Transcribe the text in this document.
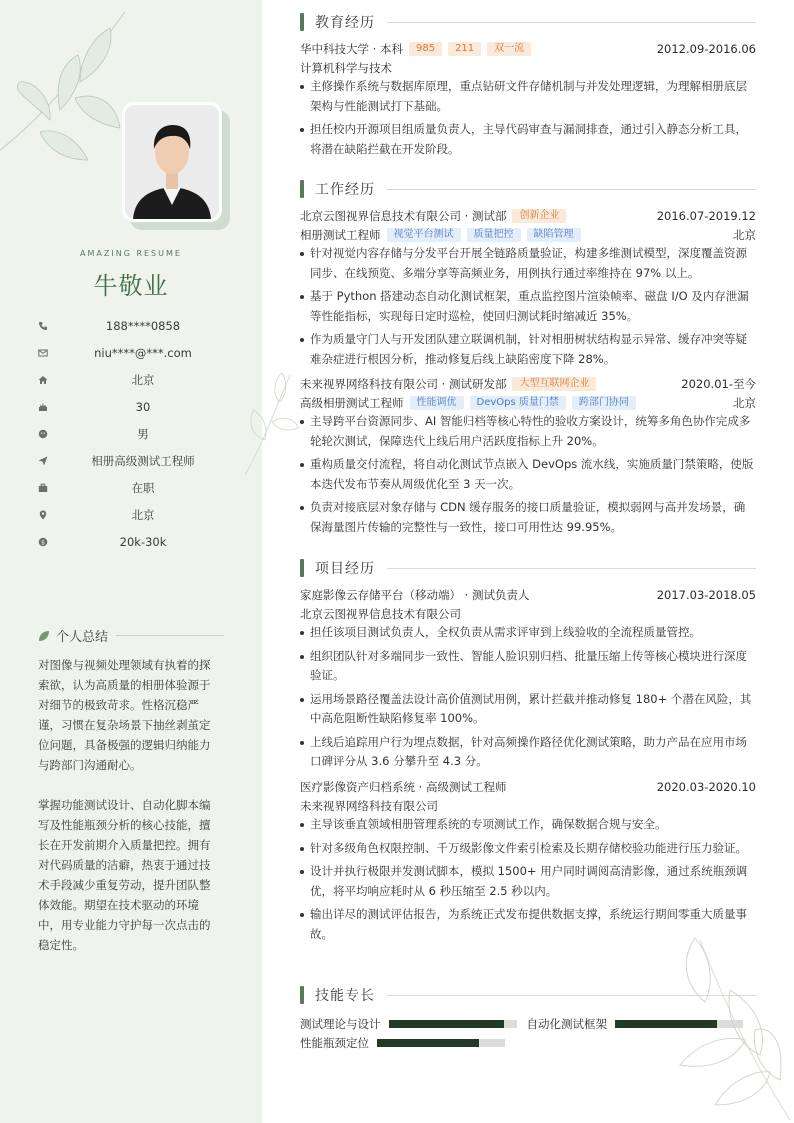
AMAZING RESUME
牛敬业
188****0858
niu****@***.com
北京
30
男
相册高级测试工程师
在职
北京
$	20k-30k
个人总结

对图像与视频处理领域有执着的探索欲，认为高质量的相册体验源于对细节的极致苛求。性格沉稳严谨，习惯在复杂场景下抽丝剥茧定位问题，具备极强的逻辑归纳能力与跨部门沟通耐心。

掌握功能测试设计、自动化脚本编写及性能瓶颈分析的核心技能，擅长在开发前期介入质量把控。拥有对代码质量的洁癖，热衷于通过技术手段减少重复劳动，提升团队整体效能。期望在技术驱动的环境中，用专业能力守护每一次点击的稳定性。

教育经历
华中科技大学 · 本科	985	211	双一流	2012.09-2016.06
计算机科学与技术
主修操作系统与数据库原理，重点钻研文件存储机制与并发处理逻辑，为理解相册底层架构与性能测试打下基础。
担任校内开源项目组质量负责人，主导代码审查与漏洞排查，通过引入静态分析工具，将潜在缺陷拦截在开发阶段。
工作经历
北京云图视界信息技术有限公司 · 测试部	创新企业	2016.07-2019.12
相册测试工程师	视觉平台测试	质量把控	缺陷管理	北京
针对视觉内容存储与分发平台开展全链路质量验证，构建多维测试模型，深度覆盖资源同步、在线预览、多端分享等高频业务，用例执行通过率维持在 97% 以上。
基于 Python 搭建动态自动化测试框架，重点监控图片渲染帧率、磁盘 I/O 及内存泄漏等性能指标，实现每日定时巡检，使回归测试耗时缩减近 35%。
作为质量守门人与开发团队建立联调机制，针对相册树状结构显示异常、缓存冲突等疑难杂症进行根因分析，推动修复后线上缺陷密度下降 28%。
未来视界网络科技有限公司 · 测试研发部	大型互联网企业	2020.01-至今
高级相册测试工程师	性能调优	DevOps 质量门禁	跨部门协同	北京
主导跨平台资源同步、AI 智能归档等核心特性的验收方案设计，统筹多角色协作完成多轮轮次测试，保障迭代上线后用户活跃度指标上升 20%。
重构质量交付流程，将自动化测试节点嵌入 DevOps 流水线，实施质量门禁策略，使版本迭代发布节奏从周级优化至 3 天一次。
负责对接底层对象存储与 CDN 缓存服务的接口质量验证，模拟弱网与高并发场景，确保海量图片传输的完整性与一致性，接口可用性达 99.95%。
项目经历
家庭影像云存储平台（移动端） · 测试负责人	2017.03-2018.05
北京云图视界信息技术有限公司
担任该项目测试负责人，全权负责从需求评审到上线验收的全流程质量管控。
组织团队针对多端同步一致性、智能人脸识别归档、批量压缩上传等核心模块进行深度验证。
运用场景路径覆盖法设计高价值测试用例，累计拦截并推动修复 180+ 个潜在风险，其中高危阻断性缺陷修复率 100%。
上线后追踪用户行为埋点数据，针对高频操作路径优化测试策略，助力产品在应用市场口碑评分从 3.6 分攀升至 4.3 分。
医疗影像资产归档系统 · 高级测试工程师	2020.03-2020.10
未来视界网络科技有限公司
主导该垂直领域相册管理系统的专项测试工作，确保数据合规与安全。
针对多级角色权限控制、千万级影像文件索引检索及长期存储校验功能进行压力验证。
设计并执行极限并发测试脚本，模拟 1500+ 用户同时调阅高清影像，通过系统瓶颈调优，将平均响应耗时从 6 秒压缩至 2.5 秒以内。
输出详尽的测试评估报告，为系统正式发布提供数据支撑，系统运行期间零重大质量事故。
技能专长
测试理论与设计	自动化测试框架
性能瓶颈定位
